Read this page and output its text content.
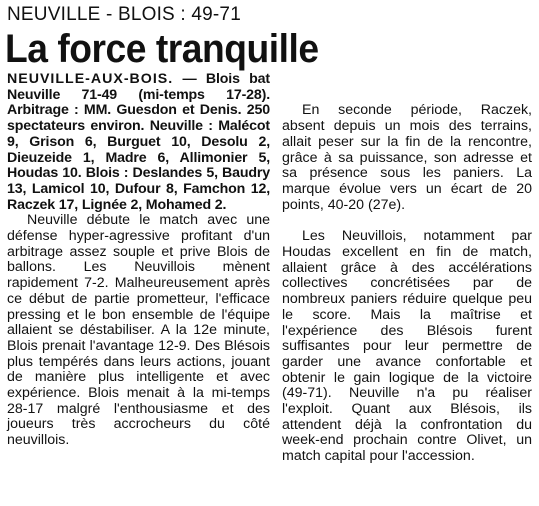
NEUVILLE - BLOIS : 49-71
La force tranquille

NEUVILLE-AUX-BOIS. — Blois bat Neuville 71-49 (mi-temps 17-28). Arbitrage : MM. Guesdon et Denis. 250 spectateurs environ. Neuville : Malécot 9, Grison 6, Burguet 10, Desolu 2, Dieuzeide 1, Madre 6, Allimonier 5, Houdas 10. Blois : Deslandes 5, Baudry 13, Lamicol 10, Dufour 8, Famchon 12, Raczek 17, Lignée 2, Mohamed 2.

Neuville débute le match avec une défense hyper-agressive profitant d'un arbitrage assez souple et prive Blois de ballons. Les Neuvillois mènent rapidement 7-2. Malheureusement après ce début de partie prometteur, l'efficace pressing et le bon ensemble de l'équipe allaient se déstabiliser. A la 12e minute, Blois prenait l'avantage 12-9. Des Blésois plus tempérés dans leurs actions, jouant de manière plus intelligente et avec expérience. Blois menait à la mi-temps 28-17 malgré l'enthousiasme et des joueurs très accrocheurs du côté neuvillois.

En seconde période, Raczek, absent depuis un mois des terrains, allait peser sur la fin de la rencontre, grâce à sa puissance, son adresse et sa présence sous les paniers. La marque évolue vers un écart de 20 points, 40-20 (27e).

Les Neuvillois, notamment par Houdas excellent en fin de match, allaient grâce à des accélérations collectives concrétisées par de nombreux paniers réduire quelque peu le score. Mais la maîtrise et l'expérience des Blésois furent suffisantes pour leur permettre de garder une avance confortable et obtenir le gain logique de la victoire (49-71). Neuville n'a pu réaliser l'exploit. Quant aux Blésois, ils attendent déjà la confrontation du week-end prochain contre Olivet, un match capital pour l'accession.
